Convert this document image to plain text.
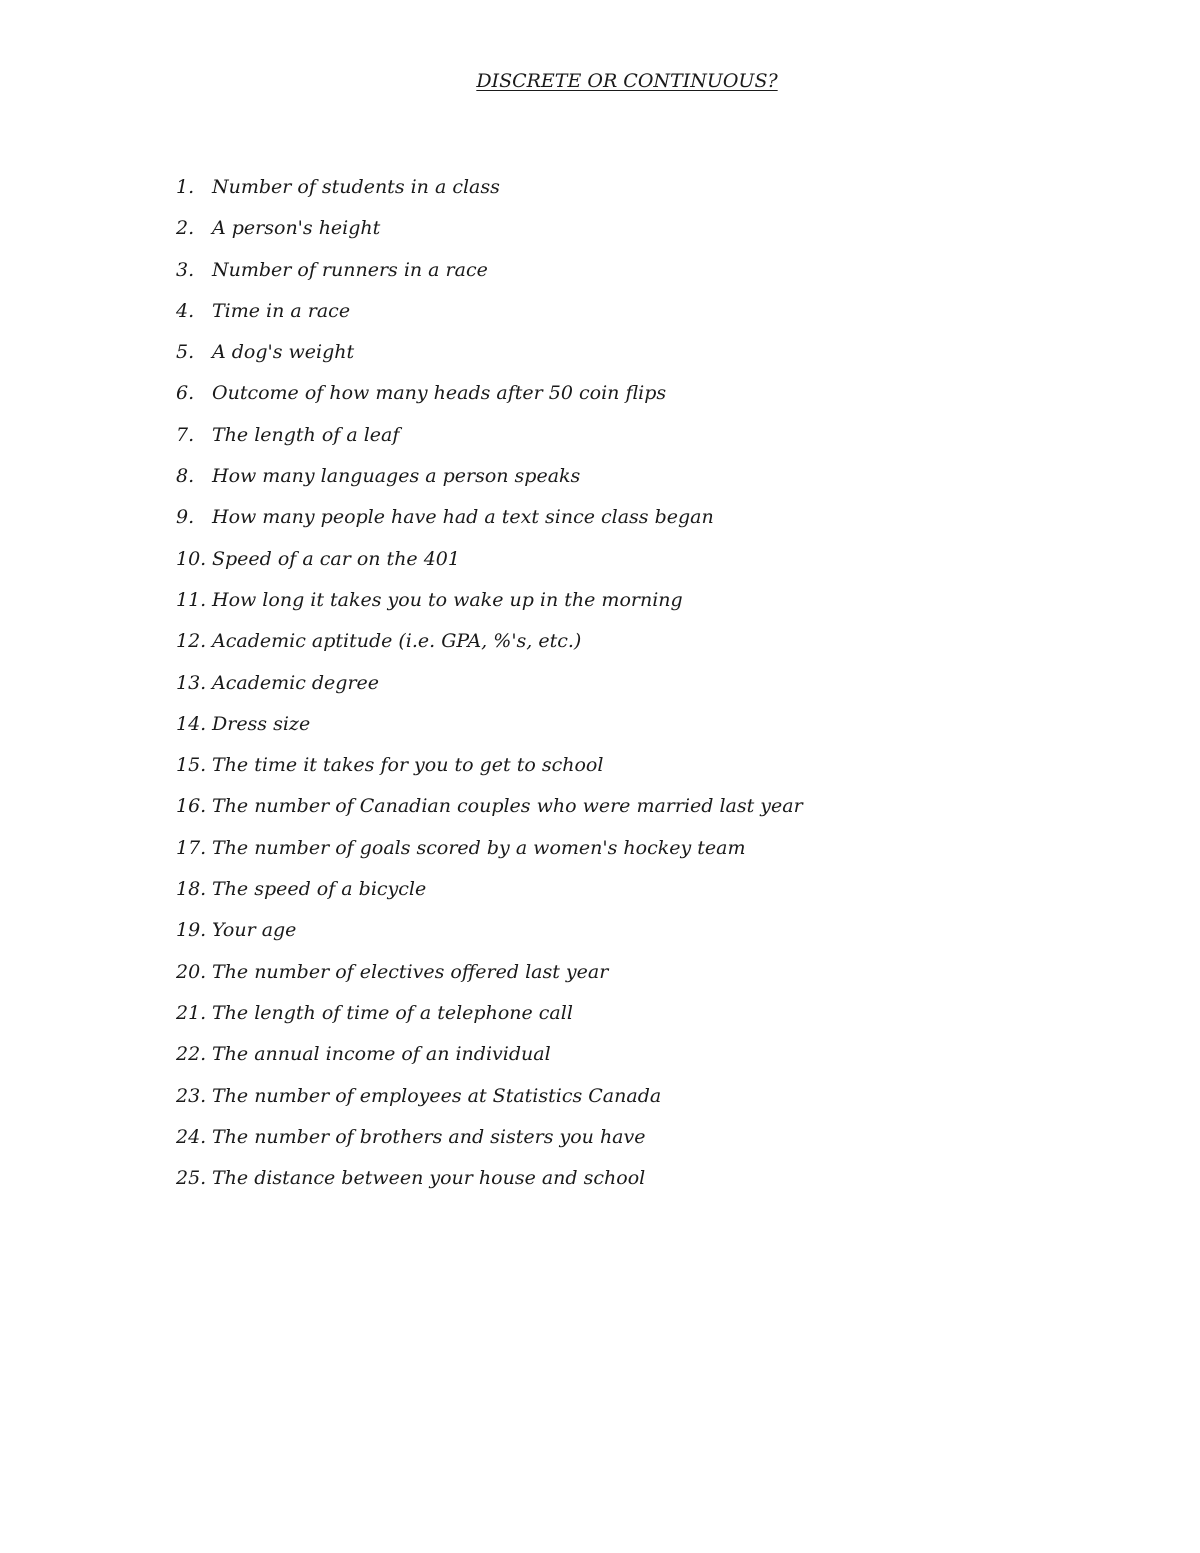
DISCRETE OR CONTINUOUS?
1. Number of students in a class
2. A person's height
3. Number of runners in a race
4. Time in a race
5. A dog's weight
6. Outcome of how many heads after 50 coin flips
7. The length of a leaf
8. How many languages a person speaks
9. How many people have had a text since class began
10. Speed of a car on the 401
11. How long it takes you to wake up in the morning
12. Academic aptitude (i.e. GPA, %'s, etc.)
13. Academic degree
14. Dress size
15. The time it takes for you to get to school
16. The number of Canadian couples who were married last year
17. The number of goals scored by a women's hockey team
18. The speed of a bicycle
19. Your age
20. The number of electives offered last year
21. The length of time of a telephone call
22. The annual income of an individual
23. The number of employees at Statistics Canada
24. The number of brothers and sisters you have
25. The distance between your house and school
